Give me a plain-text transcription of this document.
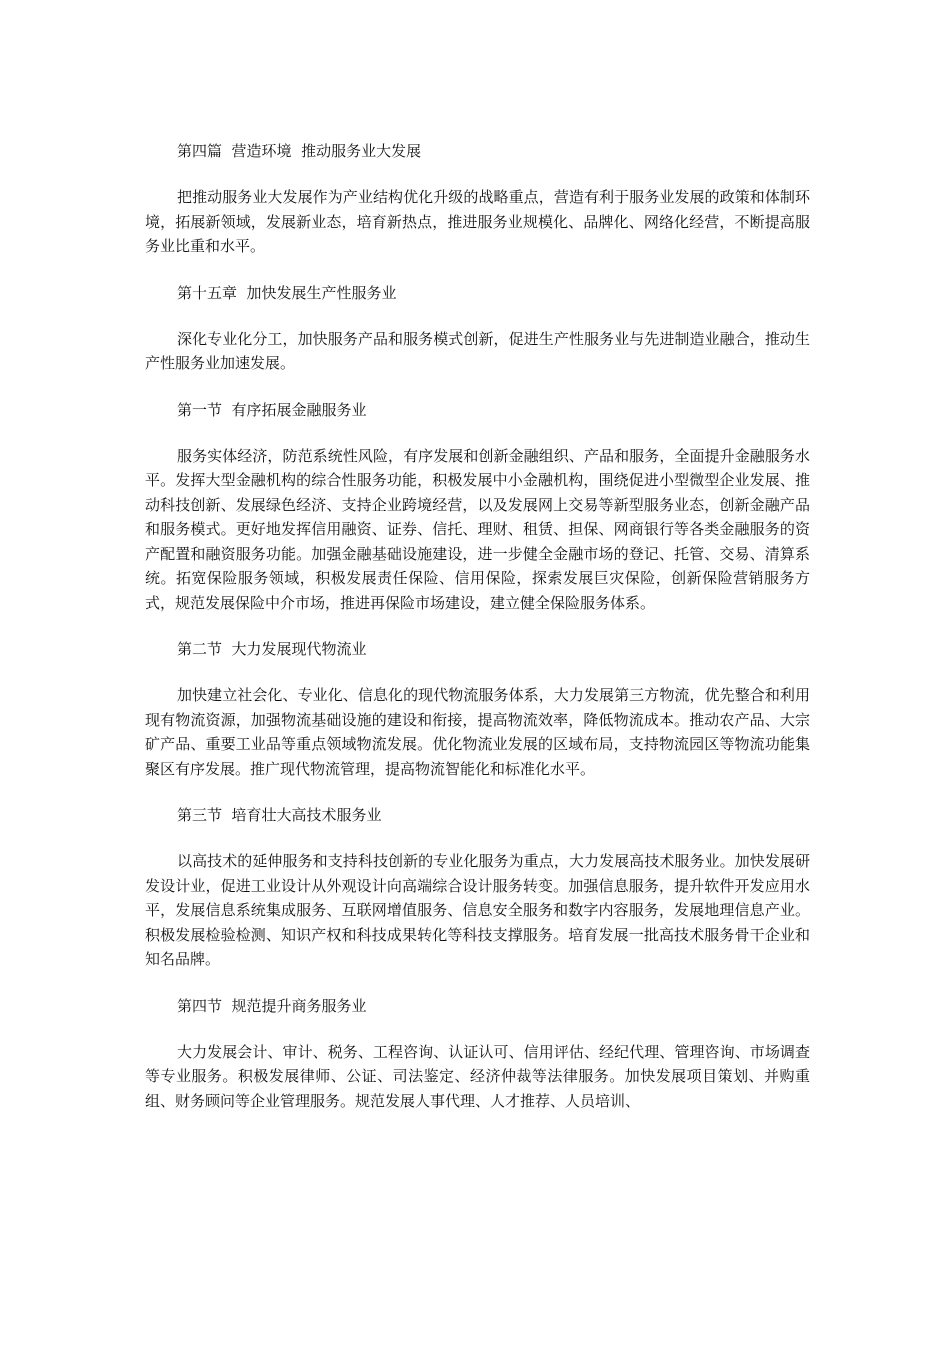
第四篇  营造环境  推动服务业大发展

把推动服务业大发展作为产业结构优化升级的战略重点，营造有利于服务业发展的政策和体制环境，拓展新领域，发展新业态，培育新热点，推进服务业规模化、品牌化、网络化经营，不断提高服务业比重和水平。

第十五章  加快发展生产性服务业

深化专业化分工，加快服务产品和服务模式创新，促进生产性服务业与先进制造业融合，推动生产性服务业加速发展。

第一节  有序拓展金融服务业

服务实体经济，防范系统性风险，有序发展和创新金融组织、产品和服务，全面提升金融服务水平。发挥大型金融机构的综合性服务功能，积极发展中小金融机构，围绕促进小型微型企业发展、推动科技创新、发展绿色经济、支持企业跨境经营，以及发展网上交易等新型服务业态，创新金融产品和服务模式。更好地发挥信用融资、证券、信托、理财、租赁、担保、网商银行等各类金融服务的资产配置和融资服务功能。加强金融基础设施建设，进一步健全金融市场的登记、托管、交易、清算系统。拓宽保险服务领域，积极发展责任保险、信用保险，探索发展巨灾保险，创新保险营销服务方式，规范发展保险中介市场，推进再保险市场建设，建立健全保险服务体系。

第二节  大力发展现代物流业

加快建立社会化、专业化、信息化的现代物流服务体系，大力发展第三方物流，优先整合和利用现有物流资源，加强物流基础设施的建设和衔接，提高物流效率，降低物流成本。推动农产品、大宗矿产品、重要工业品等重点领域物流发展。优化物流业发展的区域布局，支持物流园区等物流功能集聚区有序发展。推广现代物流管理，提高物流智能化和标准化水平。

第三节  培育壮大高技术服务业

以高技术的延伸服务和支持科技创新的专业化服务为重点，大力发展高技术服务业。加快发展研发设计业，促进工业设计从外观设计向高端综合设计服务转变。加强信息服务，提升软件开发应用水平，发展信息系统集成服务、互联网增值服务、信息安全服务和数字内容服务，发展地理信息产业。积极发展检验检测、知识产权和科技成果转化等科技支撑服务。培育发展一批高技术服务骨干企业和知名品牌。

第四节  规范提升商务服务业

大力发展会计、审计、税务、工程咨询、认证认可、信用评估、经纪代理、管理咨询、市场调查等专业服务。积极发展律师、公证、司法鉴定、经济仲裁等法律服务。加快发展项目策划、并购重组、财务顾问等企业管理服务。规范发展人事代理、人才推荐、人员培训、
